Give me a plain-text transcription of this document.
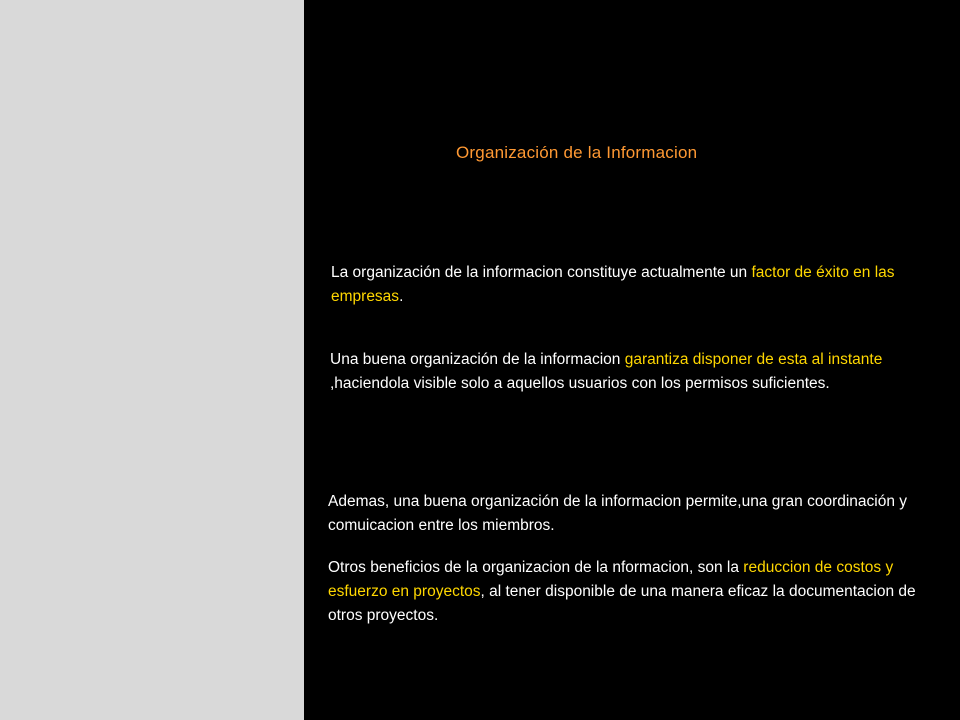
Organización de la Informacion
La organización de la informacion constituye actualmente un factor de éxito en las empresas.
Una buena organización de la informacion garantiza disponer de esta al instante ,haciendola visible solo a aquellos usuarios con los permisos suficientes.
Ademas, una buena organización de la informacion permite,una gran coordinación y comuicacion entre los miembros.
Otros beneficios de la organizacion de la nformacion, son la reduccion de costos y esfuerzo en proyectos, al tener disponible de una manera eficaz la documentacion de otros proyectos.
